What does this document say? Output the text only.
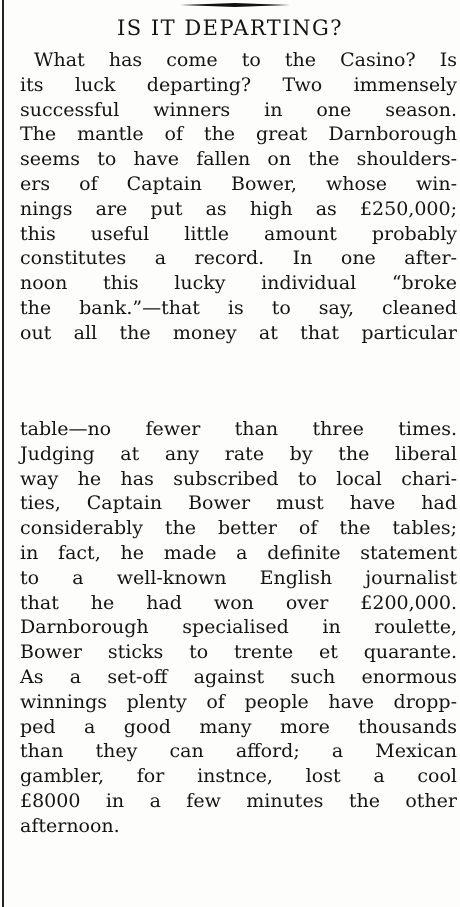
IS IT DEPARTING?
What has come to the Casino? Is
its luck departing? Two immensely
successful winners in one season.
The mantle of the great Darnborough
seems to have fallen on the shoulders-
ers of Captain Bower, whose win-
nings are put as high as £250,000;
this useful little amount probably
constitutes a record. In one after-
noon this lucky individual “broke
the bank.”—that is to say, cleaned
out all the money at that particular
table—no fewer than three times.
Judging at any rate by the liberal
way he has subscribed to local chari-
ties, Captain Bower must have had
considerably the better of the tables;
in fact, he made a definite statement
to a well-known English journalist
that he had won over £200,000.
Darnborough specialised in roulette,
Bower sticks to trente et quarante.
As a set-off against such enormous
winnings plenty of people have dropp-
ped a good many more thousands
than they can afford; a Mexican
gambler, for instnce, lost a cool
£8000 in a few minutes the other
afternoon.
